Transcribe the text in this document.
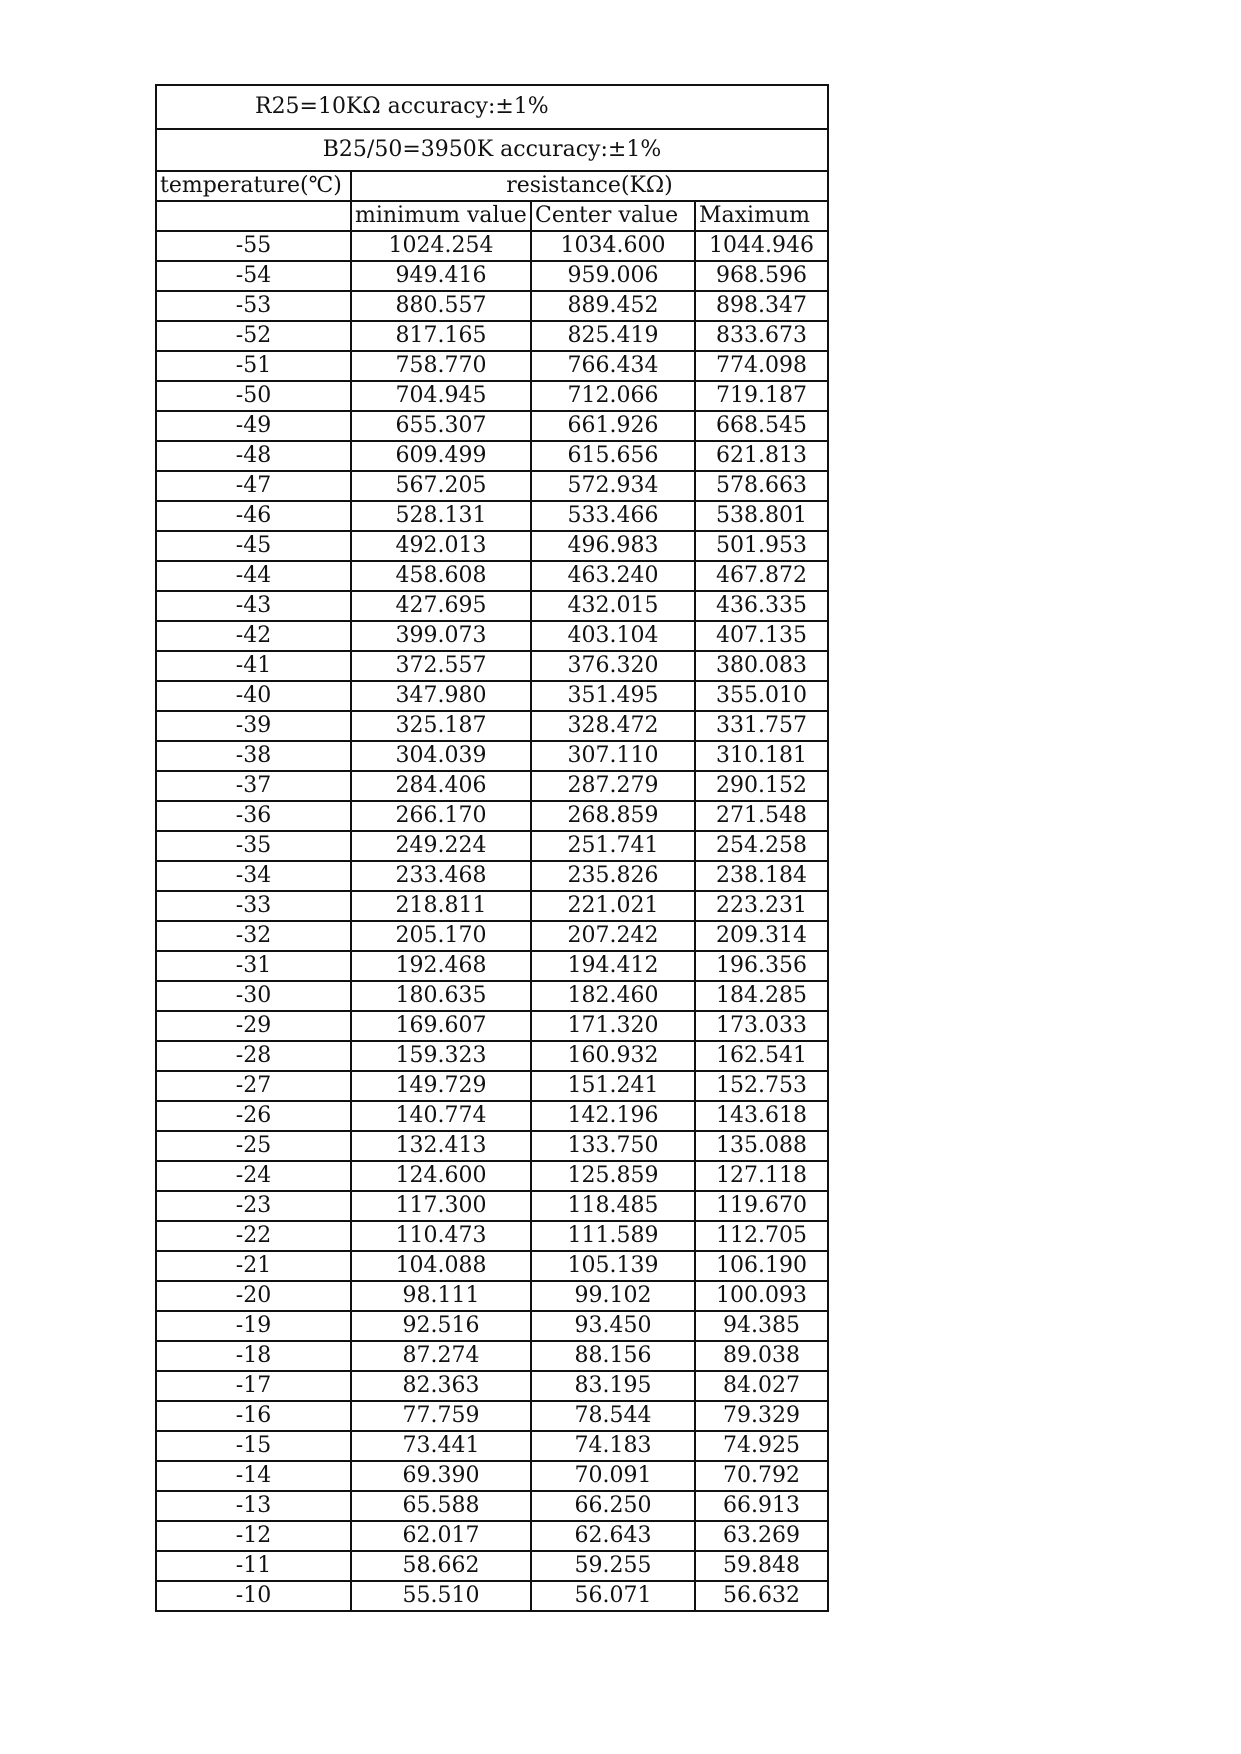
R25=10KΩ accuracy:±1%			
B25/50=3950K accuracy:±1%			
temperature(℃)	resistance(KΩ)		
	minimum value	Center value	Maximum
-55	1024.254	1034.600	1044.946
-54	949.416	959.006	968.596
-53	880.557	889.452	898.347
-52	817.165	825.419	833.673
-51	758.770	766.434	774.098
-50	704.945	712.066	719.187
-49	655.307	661.926	668.545
-48	609.499	615.656	621.813
-47	567.205	572.934	578.663
-46	528.131	533.466	538.801
-45	492.013	496.983	501.953
-44	458.608	463.240	467.872
-43	427.695	432.015	436.335
-42	399.073	403.104	407.135
-41	372.557	376.320	380.083
-40	347.980	351.495	355.010
-39	325.187	328.472	331.757
-38	304.039	307.110	310.181
-37	284.406	287.279	290.152
-36	266.170	268.859	271.548
-35	249.224	251.741	254.258
-34	233.468	235.826	238.184
-33	218.811	221.021	223.231
-32	205.170	207.242	209.314
-31	192.468	194.412	196.356
-30	180.635	182.460	184.285
-29	169.607	171.320	173.033
-28	159.323	160.932	162.541
-27	149.729	151.241	152.753
-26	140.774	142.196	143.618
-25	132.413	133.750	135.088
-24	124.600	125.859	127.118
-23	117.300	118.485	119.670
-22	110.473	111.589	112.705
-21	104.088	105.139	106.190
-20	98.111	99.102	100.093
-19	92.516	93.450	94.385
-18	87.274	88.156	89.038
-17	82.363	83.195	84.027
-16	77.759	78.544	79.329
-15	73.441	74.183	74.925
-14	69.390	70.091	70.792
-13	65.588	66.250	66.913
-12	62.017	62.643	63.269
-11	58.662	59.255	59.848
-10	55.510	56.071	56.632
